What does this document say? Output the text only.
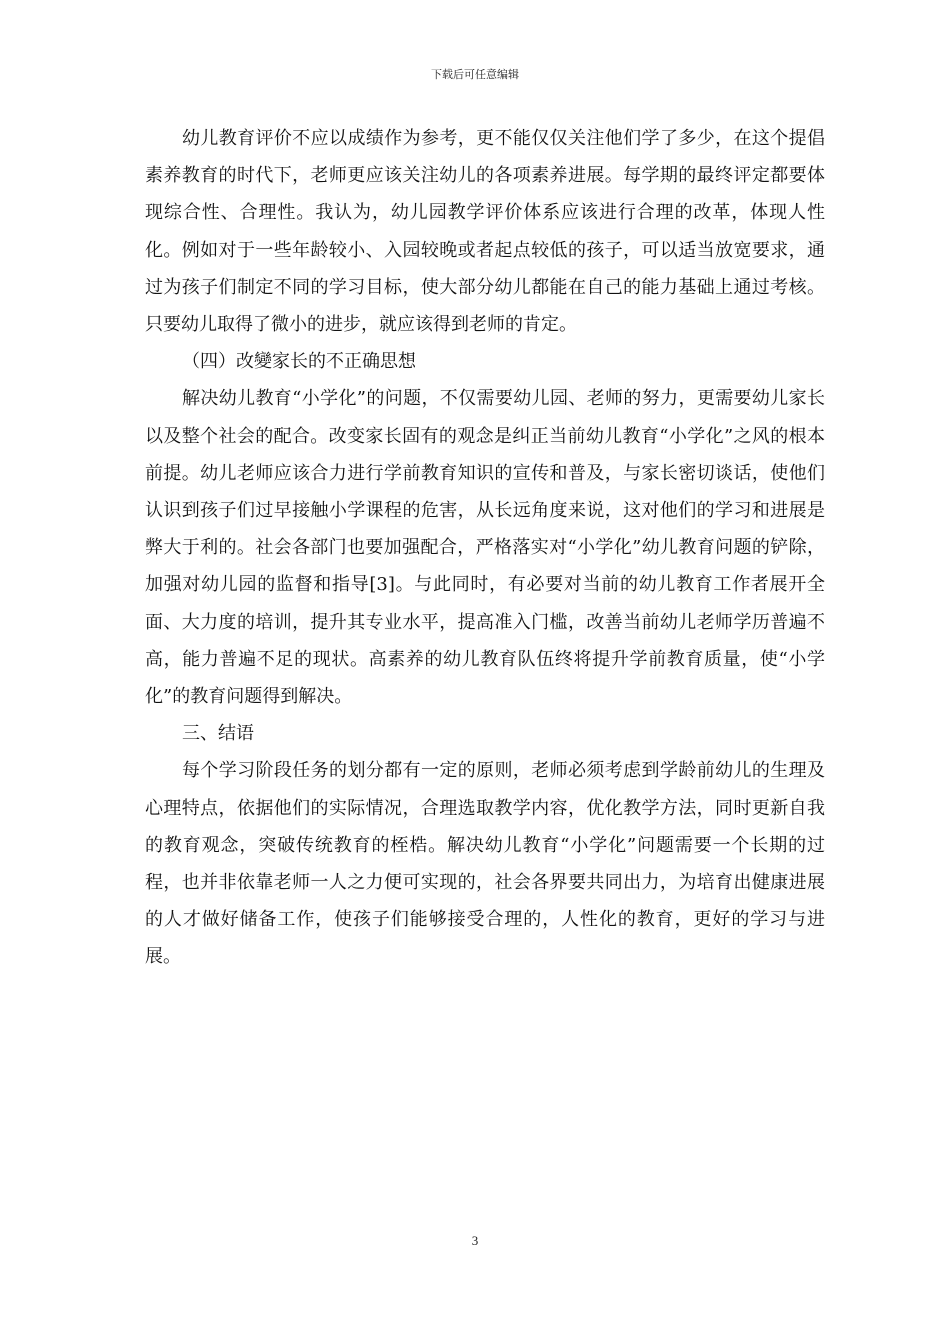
下载后可任意编辑

幼儿教育评价不应以成绩作为参考，更不能仅仅关注他们学了多少，在这个提倡素养教育的时代下，老师更应该关注幼儿的各项素养进展。每学期的最终评定都要体现综合性、合理性。我认为，幼儿园教学评价体系应该进行合理的改革，体现人性化。例如对于一些年龄较小、入园较晚或者起点较低的孩子，可以适当放宽要求，通过为孩子们制定不同的学习目标，使大部分幼儿都能在自己的能力基础上通过考核。只要幼儿取得了微小的进步，就应该得到老师的肯定。

（四）改變家长的不正确思想

解决幼儿教育“小学化”的问题，不仅需要幼儿园、老师的努力，更需要幼儿家长以及整个社会的配合。改变家长固有的观念是纠正当前幼儿教育“小学化”之风的根本前提。幼儿老师应该合力进行学前教育知识的宣传和普及，与家长密切谈话，使他们认识到孩子们过早接触小学课程的危害，从长远角度来说，这对他们的学习和进展是弊大于利的。社会各部门也要加强配合，严格落实对“小学化”幼儿教育问题的铲除，加强对幼儿园的监督和指导[3]。与此同时，有必要对当前的幼儿教育工作者展开全面、大力度的培训，提升其专业水平，提高准入门槛，改善当前幼儿老师学历普遍不高，能力普遍不足的现状。高素养的幼儿教育队伍终将提升学前教育质量，使“小学化”的教育问题得到解决。

三、结语

每个学习阶段任务的划分都有一定的原则，老师必须考虑到学龄前幼儿的生理及心理特点，依据他们的实际情况，合理选取教学内容，优化教学方法，同时更新自我的教育观念，突破传统教育的桎梏。解决幼儿教育“小学化”问题需要一个长期的过程，也并非依靠老师一人之力便可实现的，社会各界要共同出力，为培育出健康进展的人才做好储备工作，使孩子们能够接受合理的，人性化的教育，更好的学习与进展。

3
